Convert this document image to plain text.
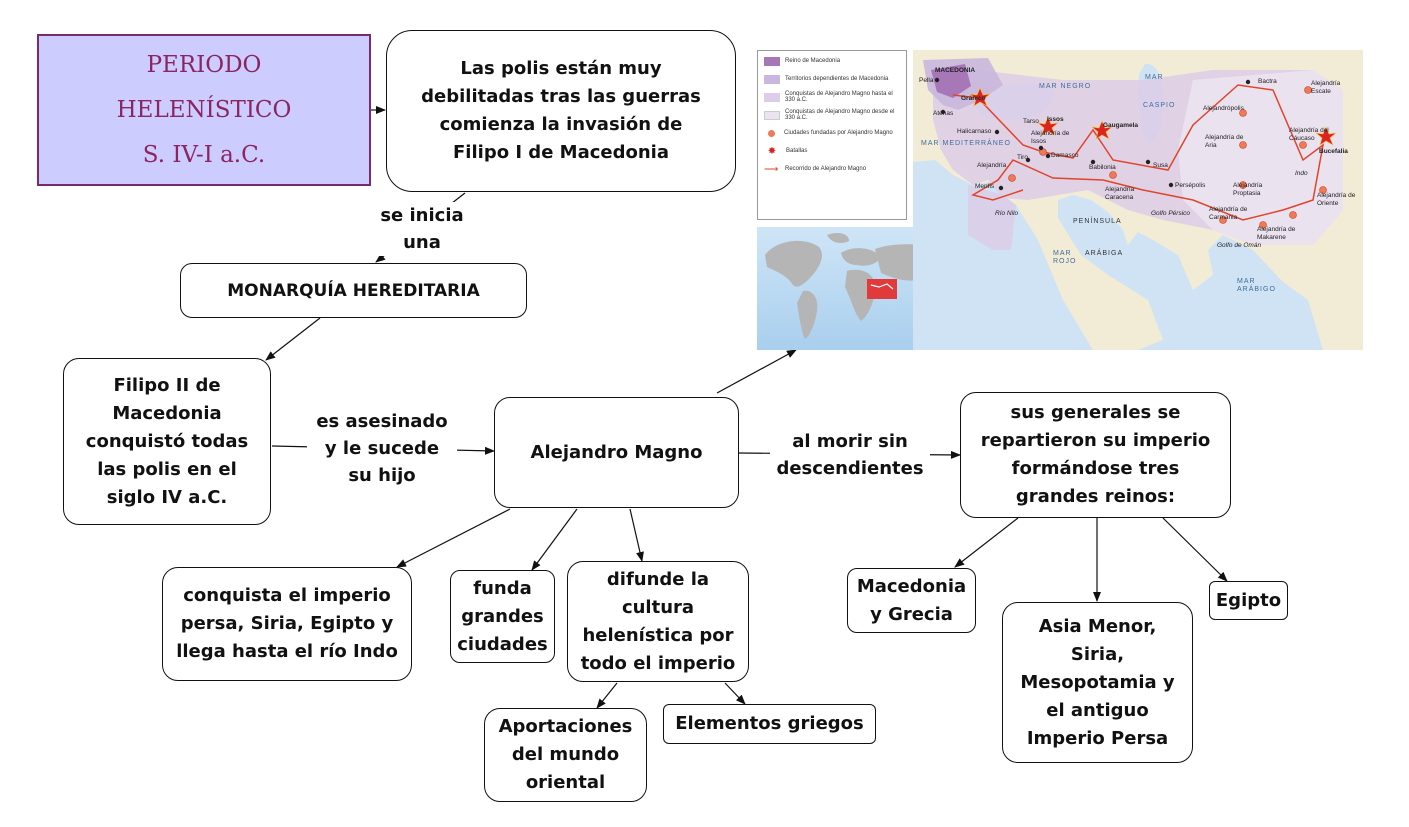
PERIODO
HELENÍSTICO
S. IV-I a.C.
Las polis están muy
debilitadas tras las guerras
comienza la invasión de
Filipo I de Macedonia
se inicia
una
MONARQUÍA HEREDITARIA
Filipo II de
Macedonia
conquistó todas
las polis en el
siglo IV a.C.
es asesinado
y le sucede
su hijo
Alejandro Magno	al morir sin
descendientes
sus generales se
repartieron su imperio
formándose tres
grandes reinos:
conquista el imperio
persa, Siria, Egipto y
llega hasta el río Indo
funda
grandes
ciudades
difunde la
cultura
helenística por
todo el imperio
Aportaciones
del mundo
oriental
Elementos griegos
Macedonia
y Grecia
Asia Menor,
Siria,
Mesopotamia y
el antiguo
Imperio Persa
Egipto
Reino de Macedonia
Territorios dependientes de Macedonia
Conquistas de Alejandro Magno hasta el 330 a.C.
Conquistas de Alejandro Magno desde el 330 a.C.
Ciudades fundadas por Alejandro Magno
✸	Batallas
⟶ Recorrido de Alejandro Magno
MAR NEGRO
MACEDONIA
Pella
Gránico
Atenas
Halicarnaso
Tarso Issos
Alejandría de Issos
MAR MEDITERRÁNEO
Tiro	Damasco
Gaugamela
Babilonia	Susa
Persépolis
Alejandría
Menfis
MAR
CASPIO	Alejandrópolis
Bactra	Alejandría Escate
Alejandría de Aria
Alejandría del Cáucaso
Bucefalia
Alejandría Proptasia	Alejandría de Oriente
Alejandría Caracena
Alejandría de Carmania
Alejandría de Makarene
PENÍNSULA
ARÁBIGA
MAR ROJO
MAR ARÁBIGO
Golfo Pérsico
Golfo de Omán
Río Nilo
Indo
